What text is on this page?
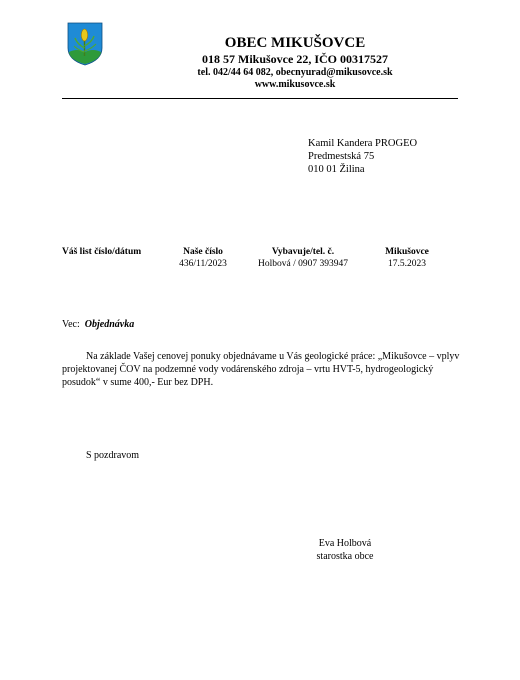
OBEC MIKUŠOVCE
018 57 Mikušovce 22, IČO 00317527
tel. 042/44 64 082, obecnyurad@mikusovce.sk
www.mikusovce.sk
Kamil Kandera PROGEO
Predmestská 75
010 01 Žilina
Váš list číslo/dátum	Naše číslo
436/11/2023
Vybavuje/tel. č.
Holbová / 0907 393947
Mikušovce
17.5.2023
Vec: Objednávka
Na základe Vašej cenovej ponuky objednávame u Vás geologické práce: „Mikušovce – vplyv projektovanej ČOV na podzemné vody vodárenského zdroja – vrtu HVT-5, hydrogeologický posudok“ v sume 400,- Eur bez DPH.
S pozdravom
Eva Holbová
starostka obce
